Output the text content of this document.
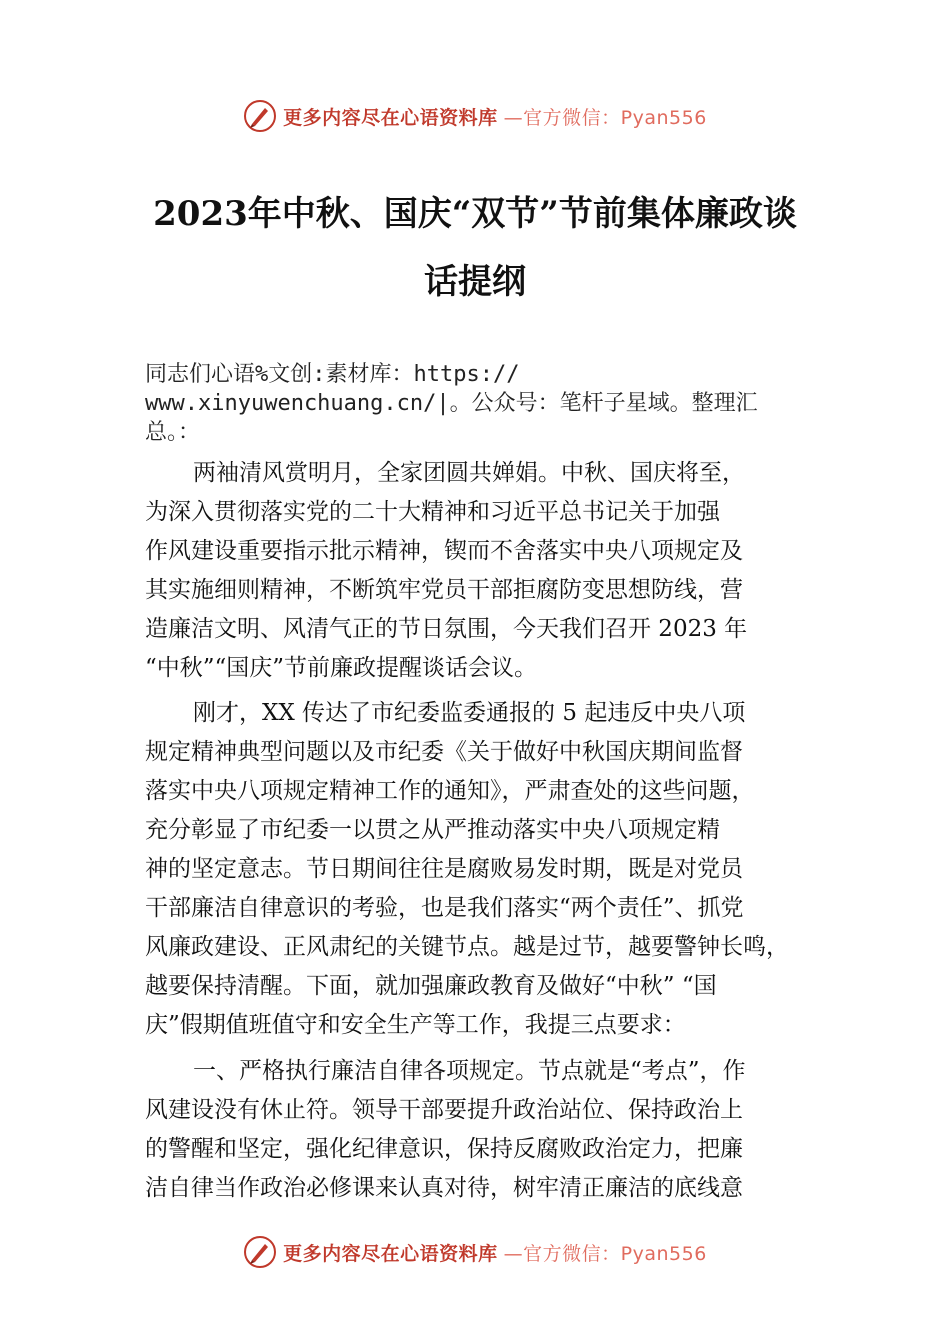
更多内容尽在心语资料库 —官方微信：Pyan556
2023年中秋、国庆“双节”节前集体廉政谈
话提纲
同志们心语%文创:素材库：https://
www.xinyuwenchuang.cn/|。公众号：笔杆子星域。整理汇
总。：
两袖清风赏明月，全家团圆共婵娟。中秋、国庆将至，
为深入贯彻落实党的二十大精神和习近平总书记关于加强
作风建设重要指示批示精神，锲而不舍落实中央八项规定及
其实施细则精神，不断筑牢党员干部拒腐防变思想防线，营
造廉洁文明、风清气正的节日氛围，今天我们召开 2023 年
“中秋”“国庆”节前廉政提醒谈话会议。
刚才，XX 传达了市纪委监委通报的 5 起违反中央八项
规定精神典型问题以及市纪委《关于做好中秋国庆期间监督
落实中央八项规定精神工作的通知》，严肃查处的这些问题，
充分彰显了市纪委一以贯之从严推动落实中央八项规定精
神的坚定意志。节日期间往往是腐败易发时期，既是对党员
干部廉洁自律意识的考验，也是我们落实“两个责任”、抓党
风廉政建设、正风肃纪的关键节点。越是过节，越要警钟长鸣，
越要保持清醒。下面，就加强廉政教育及做好“中秋” “国
庆”假期值班值守和安全生产等工作，我提三点要求：
一、严格执行廉洁自律各项规定。节点就是“考点”，作
风建设没有休止符。领导干部要提升政治站位、保持政治上
的警醒和坚定，强化纪律意识，保持反腐败政治定力，把廉
洁自律当作政治必修课来认真对待，树牢清正廉洁的底线意
更多内容尽在心语资料库 —官方微信：Pyan556
